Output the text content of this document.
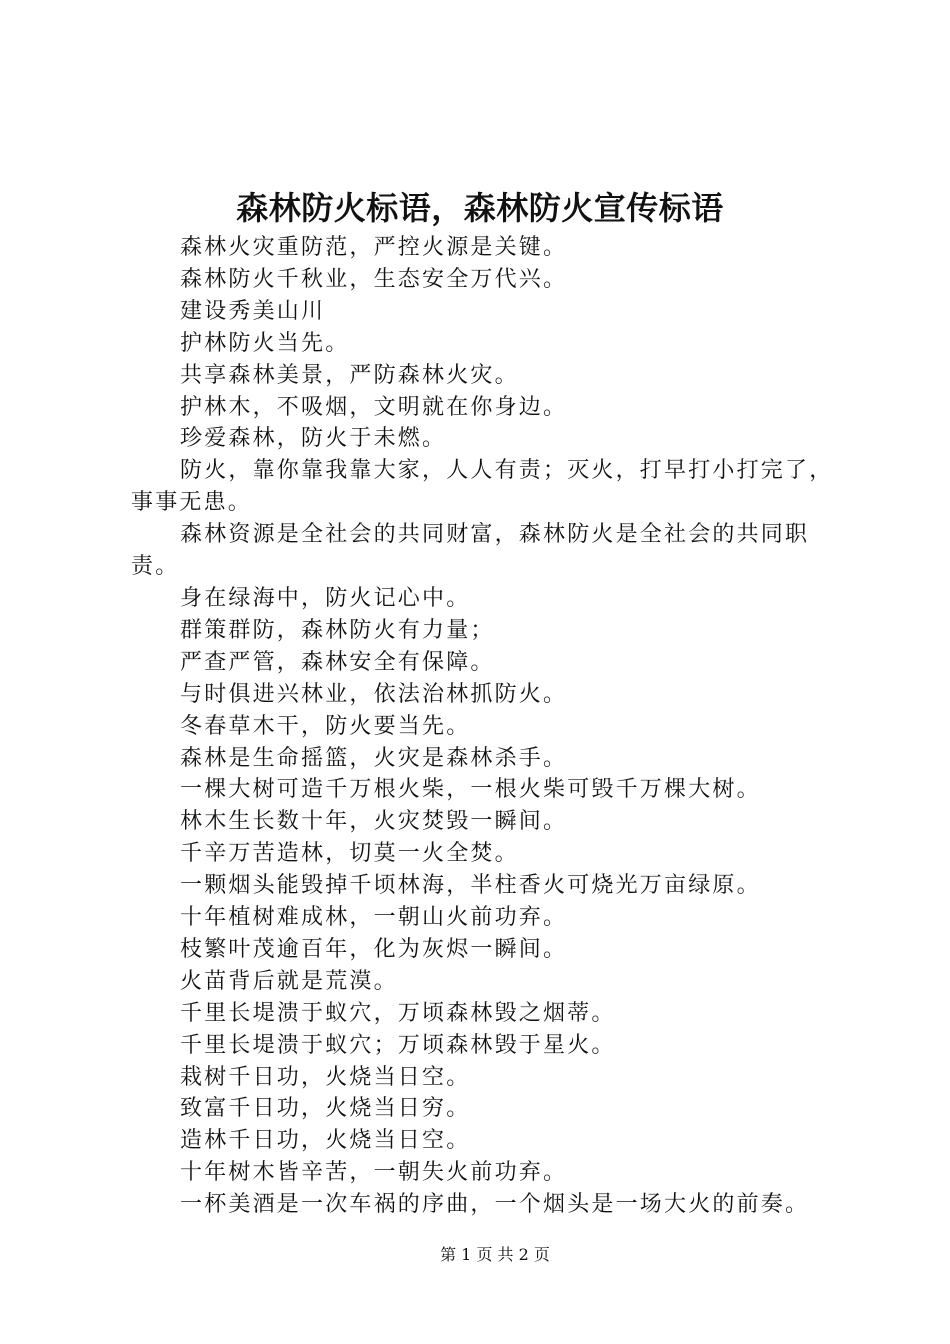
森林防火标语，森林防火宣传标语

森林火灾重防范，严控火源是关键。

森林防火千秋业，生态安全万代兴。

建设秀美山川

护林防火当先。

共享森林美景，严防森林火灾。

护林木，不吸烟，文明就在你身边。

珍爱森林，防火于未燃。

防火，靠你靠我靠大家，人人有责；灭火，打早打小打完了，事事无患。

森林资源是全社会的共同财富，森林防火是全社会的共同职责。

身在绿海中，防火记心中。

群策群防，森林防火有力量；

严查严管，森林安全有保障。

与时俱进兴林业，依法治林抓防火。

冬春草木干，防火要当先。

森林是生命摇篮，火灾是森林杀手。

一棵大树可造千万根火柴，一根火柴可毁千万棵大树。

林木生长数十年，火灾焚毁一瞬间。

千辛万苦造林，切莫一火全焚。

一颗烟头能毁掉千顷林海，半柱香火可烧光万亩绿原。

十年植树难成林，一朝山火前功弃。

枝繁叶茂逾百年，化为灰烬一瞬间。

火苗背后就是荒漠。

千里长堤溃于蚁穴，万顷森林毁之烟蒂。

千里长堤溃于蚁穴；万顷森林毁于星火。

栽树千日功，火烧当日空。

致富千日功，火烧当日穷。

造林千日功，火烧当日空。

十年树木皆辛苦，一朝失火前功弃。

一杯美酒是一次车祸的序曲，一个烟头是一场大火的前奏。

第 1 页 共 2 页
